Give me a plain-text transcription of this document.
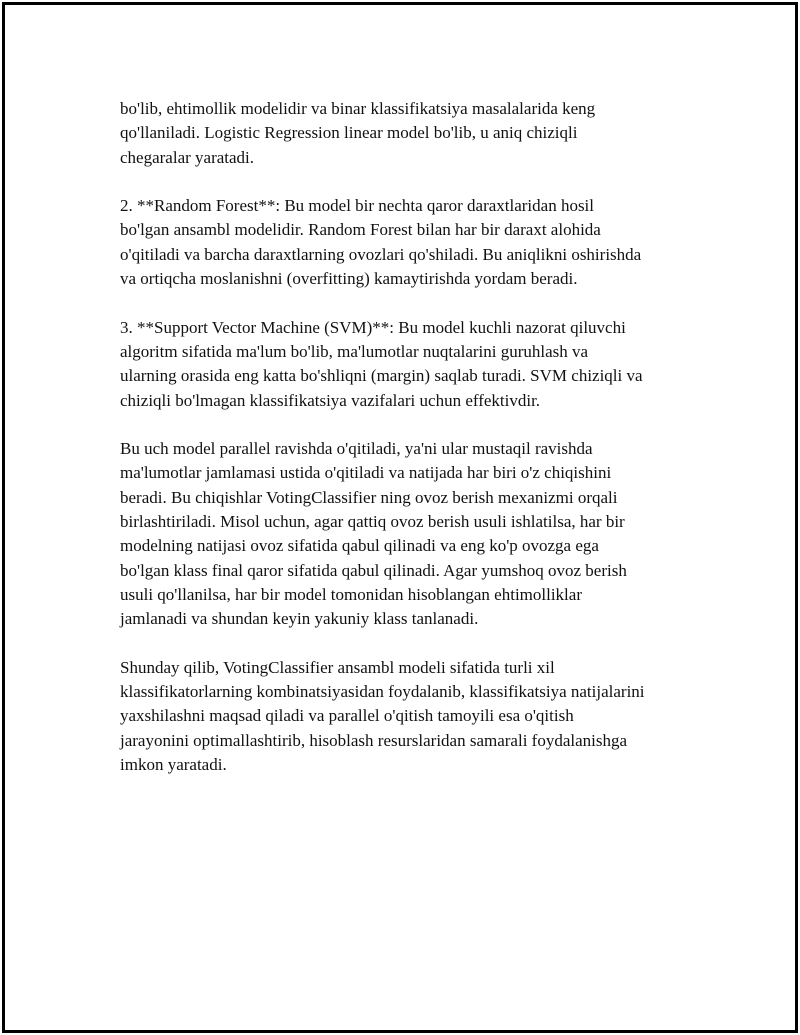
bo'lib, ehtimollik modelidir va binar klassifikatsiya masalalarida keng
qo'llaniladi. Logistic Regression linear model bo'lib, u aniq chiziqli
chegaralar yaratadi.

2. **Random Forest**: Bu model bir nechta qaror daraxtlaridan hosil
bo'lgan ansambl modelidir. Random Forest bilan har bir daraxt alohida
o'qitiladi va barcha daraxtlarning ovozlari qo'shiladi. Bu aniqlikni oshirishda
va ortiqcha moslanishni (overfitting) kamaytirishda yordam beradi.

3. **Support Vector Machine (SVM)**: Bu model kuchli nazorat qiluvchi
algoritm sifatida ma'lum bo'lib, ma'lumotlar nuqtalarini guruhlash va
ularning orasida eng katta bo'shliqni (margin) saqlab turadi. SVM chiziqli va
chiziqli bo'lmagan klassifikatsiya vazifalari uchun effektivdir.

Bu uch model parallel ravishda o'qitiladi, ya'ni ular mustaqil ravishda
ma'lumotlar jamlamasi ustida o'qitiladi va natijada har biri o'z chiqishini
beradi. Bu chiqishlar VotingClassifier ning ovoz berish mexanizmi orqali
birlashtiriladi. Misol uchun, agar qattiq ovoz berish usuli ishlatilsa, har bir
modelning natijasi ovoz sifatida qabul qilinadi va eng ko'p ovozga ega
bo'lgan klass final qaror sifatida qabul qilinadi. Agar yumshoq ovoz berish
usuli qo'llanilsa, har bir model tomonidan hisoblangan ehtimolliklar
jamlanadi va shundan keyin yakuniy klass tanlanadi.

Shunday qilib, VotingClassifier ansambl modeli sifatida turli xil
klassifikatorlarning kombinatsiyasidan foydalanib, klassifikatsiya natijalarini
yaxshilashni maqsad qiladi va parallel o'qitish tamoyili esa o'qitish
jarayonini optimallashtirib, hisoblash resurslaridan samarali foydalanishga
imkon yaratadi.
